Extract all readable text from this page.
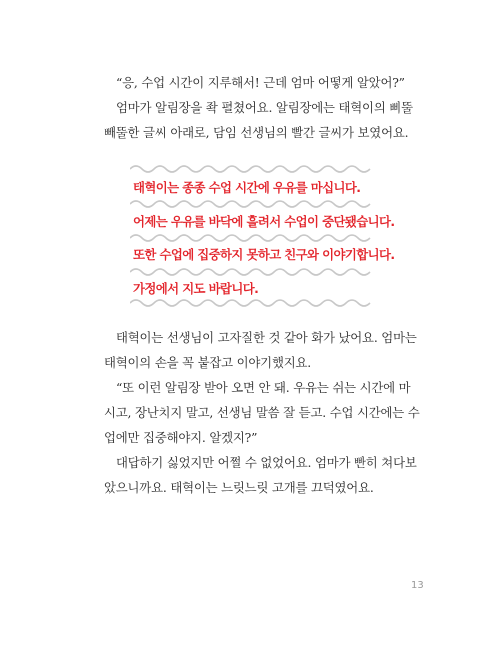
“응, 수업 시간이 지루해서! 근데 엄마 어떻게 알았어?”
엄마가 알림장을 좍 펼쳤어요. 알림장에는 태혁이의 삐뚤
빼뚤한 글씨 아래로, 담임 선생님의 빨간 글씨가 보였어요.
태혁이는 종종 수업 시간에 우유를 마십니다.
어제는 우유를 바닥에 흘려서 수업이 중단됐습니다.
또한 수업에 집중하지 못하고 친구와 이야기합니다.
가정에서 지도 바랍니다.
태혁이는 선생님이 고자질한 것 같아 화가 났어요. 엄마는
태혁이의 손을 꼭 붙잡고 이야기했지요.
“또 이런 알림장 받아 오면 안 돼. 우유는 쉬는 시간에 마
시고, 장난치지 말고, 선생님 말씀 잘 듣고. 수업 시간에는 수
업에만 집중해야지. 알겠지?”
대답하기 싫었지만 어쩔 수 없었어요. 엄마가 빤히 쳐다보
았으니까요. 태혁이는 느릿느릿 고개를 끄덕였어요.
13
